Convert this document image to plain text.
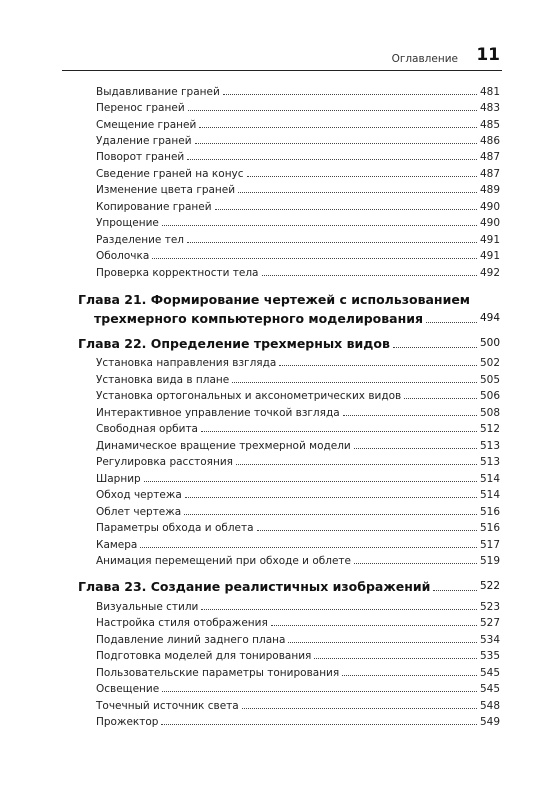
Оглавление 11
Выдавливание граней	481
Перенос граней	483
Смещение граней	485
Удаление граней	486
Поворот граней	487
Сведение граней на конус	487
Изменение цвета граней	489
Копирование граней	490
Упрощение	490
Разделение тел	491
Оболочка	491
Проверка корректности тела	492
Глава 21. Формирование чертежей с использованием
трехмерного компьютерного моделирования	494
Глава 22. Определение трехмерных видов	500
Установка направления взгляда	502
Установка вида в плане	505
Установка ортогональных и аксонометрических видов	506
Интерактивное управление точкой взгляда	508
Свободная орбита	512
Динамическое вращение трехмерной модели	513
Регулировка расстояния	513
Шарнир	514
Обход чертежа	514
Облет чертежа	516
Параметры обхода и облета	516
Камера	517
Анимация перемещений при обходе и облете	519
Глава 23. Создание реалистичных изображений	522
Визуальные стили	523
Настройка стиля отображения	527
Подавление линий заднего плана	534
Подготовка моделей для тонирования	535
Пользовательские параметры тонирования	545
Освещение	545
Точечный источник света	548
Прожектор	549
